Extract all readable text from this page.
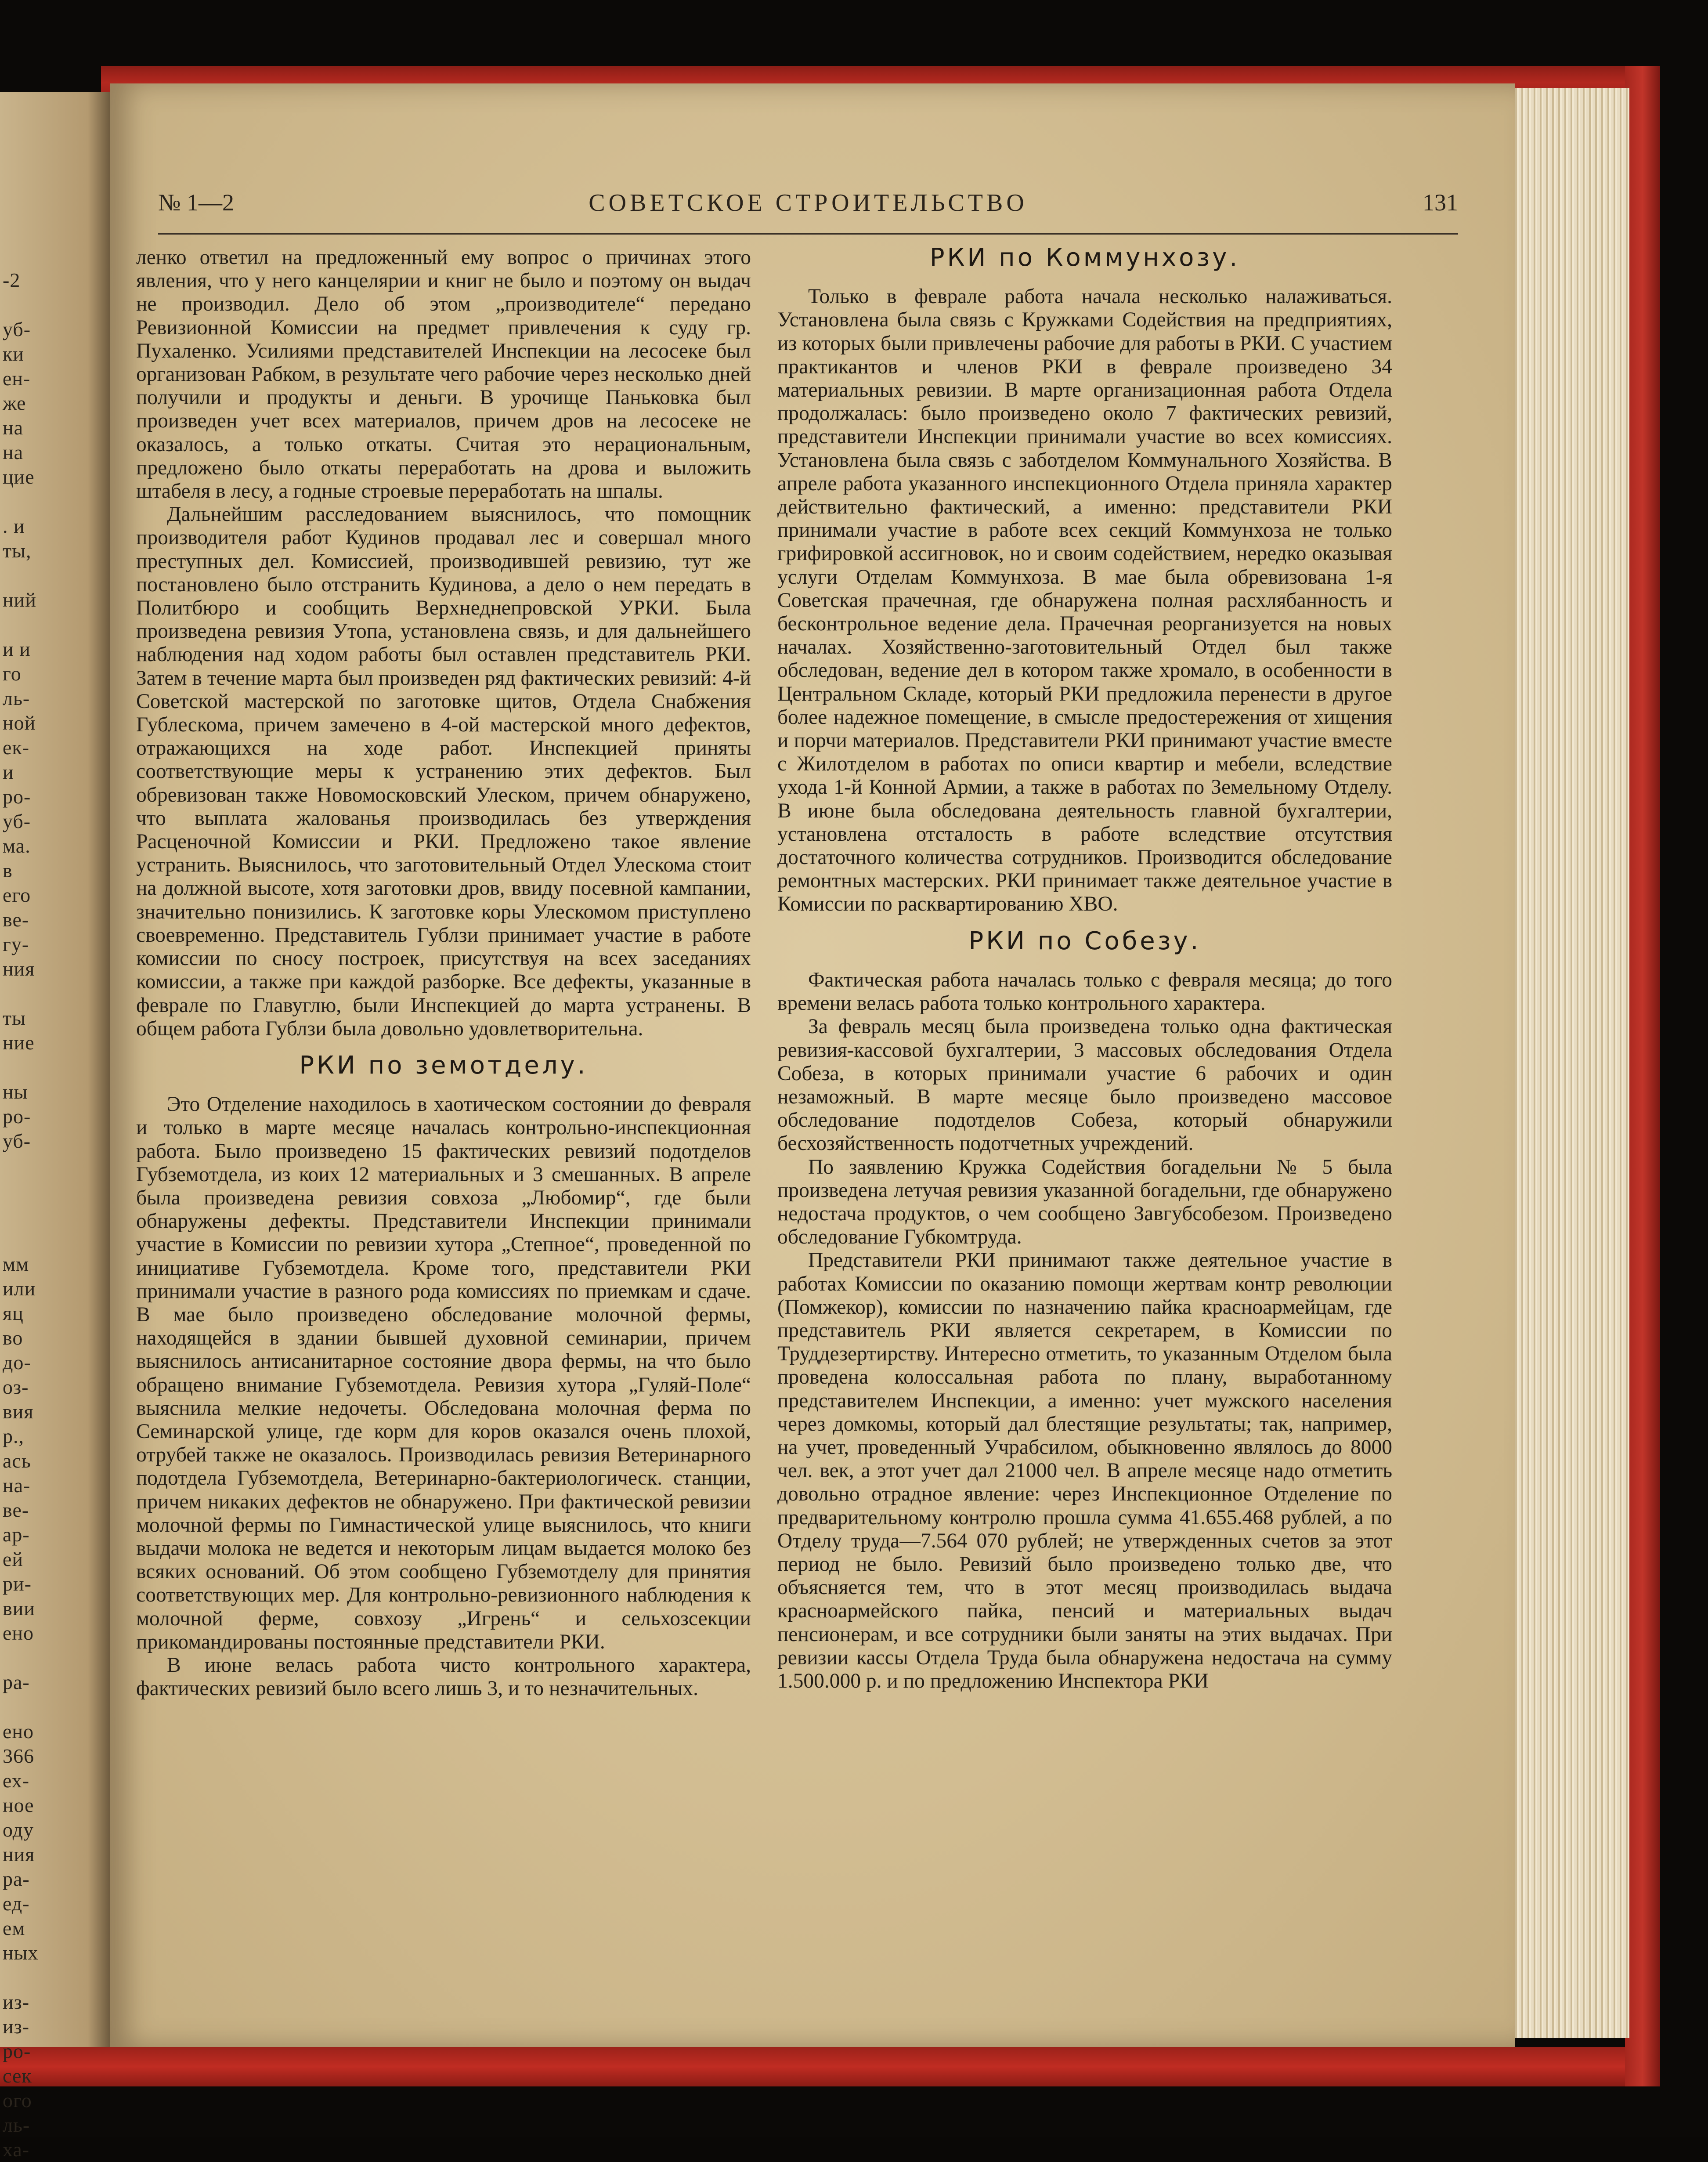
-2

уб-
ки
ен-
же
на
на
цие

. и
ты,

ний

и и
го
ль-
ной
ек-
и
ро-
уб-
ма.
в
его
ве-
гу-
ния

ты
ние

ны
ро-
уб-

мм
или
яц
во
до-
оз-
вия
р.,
ась
на-
ве-
ар-
ей
ри-
вии
ено

ра-

ено
366
ех-
ное
оду
ния
ра-
ед-
ем
ных

из-
из-
ро-
сек
ого
ль-
ха-
№ 1—2	СОВЕТСКОЕ СТРОИТЕЛЬСТВО	131

ленко ответил на предложенный ему вопрос о причинах этого явления, что у него канцелярии и книг не было и поэтому он выдач не производил. Дело об этом „производителе“ передано Ревизионной Комиссии на предмет привлечения к суду гр. Пухаленко. Усилиями представителей Инспекции на лесосеке был организован Рабком, в результате чего рабочие через несколько дней получили и продукты и деньги. В урочище Паньковка был произведен учет всех материалов, причем дров на лесосеке не оказалось, а только откаты. Считая это нерациональным, предложено было откаты переработать на дрова и выложить штабеля в лесу, а годные строевые переработать на шпалы.

Дальнейшим расследованием выяснилось, что помощник производителя работ Кудинов продавал лес и совершал много преступных дел. Комиссией, производившей ревизию, тут же постановлено было отстранить Кудинова, а дело о нем передать в Политбюро и сообщить Верхнеднепровской УРКИ. Была произведена ревизия Утопа, установлена связь, и для дальнейшего наблюдения над ходом работы был оставлен представитель РКИ. Затем в течение марта был произведен ряд фактических ревизий: 4-й Советской мастерской по заготовке щитов, Отдела Снабжения Гублескома, причем замечено в 4-ой мастерской много дефектов, отражающихся на ходе работ. Инспекцией приняты соответствующие меры к устранению этих дефектов. Был обревизован также Новомосковский Улеском, причем обнаружено, что выплата жалованья производилась без утверждения Расценочной Комиссии и РКИ. Предложено такое явление устранить. Выяснилось, что заготовительный Отдел Улескома стоит на должной высоте, хотя заготовки дров, ввиду посевной кампании, значительно понизились. К заготовке коры Улескомом приступлено своевременно. Представитель Гублзи принимает участие в работе комиссии по сносу построек, присутствуя на всех заседаниях комиссии, а также при каждой разборке. Все дефекты, указанные в феврале по Главуглю, были Инспекцией до марта устранены. В общем работа Гублзи была довольно удовлетворительна.

РКИ по земотделу.

Это Отделение находилось в хаотическом состоянии до февраля и только в марте месяце началась контрольно-инспекционная работа. Было произведено 15 фактических ревизий подотделов Губземотдела, из коих 12 материальных и 3 смешанных. В апреле была произведена ревизия совхоза „Любомир“, где были обнаружены дефекты. Представители Инспекции принимали участие в Комиссии по ревизии хутора „Степное“, проведенной по инициативе Губземотдела. Кроме того, представители РКИ принимали участие в разного рода комиссиях по приемкам и сдаче. В мае было произведено обследование молочной фермы, находящейся в здании бывшей духовной семинарии, причем выяснилось антисанитарное состояние двора фермы, на что было обращено внимание Губземотдела. Ревизия хутора „Гуляй-Поле“ выяснила мелкие недочеты. Обследована молочная ферма по Семинарской улице, где корм для коров оказался очень плохой, отрубей также не оказалось. Производилась ревизия Ветеринарного подотдела Губземотдела, Ветеринарно-бактериологическ. станции, причем никаких дефектов не обнаружено. При фактической ревизии молочной фермы по Гимнастической улице выяснилось, что книги выдачи молока не ведется и некоторым лицам выдается молоко без всяких оснований. Об этом сообщено Губземотделу для принятия соответствующих мер. Для контрольно-ревизионного наблюдения к молочной ферме, совхозу „Игрень“ и сельхозсекции прикомандированы постоянные представители РКИ.

В июне велась работа чисто контрольного характера, фактических ревизий было всего лишь 3, и то незначительных.

РКИ по Коммунхозу.

Только в феврале работа начала несколько налаживаться. Установлена была связь с Кружками Содействия на предприятиях, из которых были привлечены рабочие для работы в РКИ. С участием практикантов и членов РКИ в феврале произведено 34 материальных ревизии. В марте организационная работа Отдела продолжалась: было произведено около 7 фактических ревизий, представители Инспекции принимали участие во всех комиссиях. Установлена была связь с заботделом Коммунального Хозяйства. В апреле работа указанного инспекционного Отдела приняла характер действительно фактический, а именно: представители РКИ принимали участие в работе всех секций Коммунхоза не только грифировкой ассигновок, но и своим содействием, нередко оказывая услуги Отделам Коммунхоза. В мае была обревизована 1-я Советская прачечная, где обнаружена полная расхлябанность и бесконтрольное ведение дела. Прачечная реорганизуется на новых началах. Хозяйственно-заготовительный Отдел был также обследован, ведение дел в котором также хромало, в особенности в Центральном Складе, который РКИ предложила перенести в другое более надежное помещение, в смысле предостережения от хищения и порчи материалов. Представители РКИ принимают участие вместе с Жилотделом в работах по описи квартир и мебели, вследствие ухода 1-й Конной Армии, а также в работах по Земельному Отделу. В июне была обследована деятельность главной бухгалтерии, установлена отсталость в работе вследствие отсутствия достаточного количества сотрудников. Производится обследование ремонтных мастерских. РКИ принимает также деятельное участие в Комиссии по расквартированию ХВО.

РКИ по Собезу.

Фактическая работа началась только с февраля месяца; до того времени велась работа только контрольного характера.

За февраль месяц была произведена только одна фактическая ревизия-кассовой бухгалтерии, 3 массовых обследования Отдела Собеза, в которых принимали участие 6 рабочих и один незаможный. В марте месяце было произведено массовое обследование подотделов Собеза, который обнаружили бесхозяйственность подотчетных учреждений.

По заявлению Кружка Содействия богадельни № 5 была произведена летучая ревизия указанной богадельни, где обнаружено недостача продуктов, о чем сообщено Завгубсобезом. Произведено обследование Губкомтруда.

Представители РКИ принимают также деятельное участие в работах Комиссии по оказанию помощи жертвам контр революции (Помжекор), комиссии по назначению пайка красноармейцам, где представитель РКИ является секретарем, в Комиссии по Труддезертирству. Интересно отметить, то указанным Отделом была проведена колоссальная работа по плану, выработанному представителем Инспекции, а именно: учет мужского населения через домкомы, который дал блестящие результаты; так, например, на учет, проведенный Учрабсилом, обыкновенно являлось до 8000 чел. век, а этот учет дал 21000 чел. В апреле месяце надо отметить довольно отрадное явление: через Инспекционное Отделение по предварительному контролю прошла сумма 41.655.468 рублей, а по Отделу труда—7.564 070 рублей; не утвержденных счетов за этот период не было. Ревизий было произведено только две, что объясняется тем, что в этот месяц производилась выдача красноармейского пайка, пенсий и материальных выдач пенсионерам, и все сотрудники были заняты на этих выдачах. При ревизии кассы Отдела Труда была обнаружена недостача на сумму 1.500.000 р. и по предложению Инспектора РКИ
